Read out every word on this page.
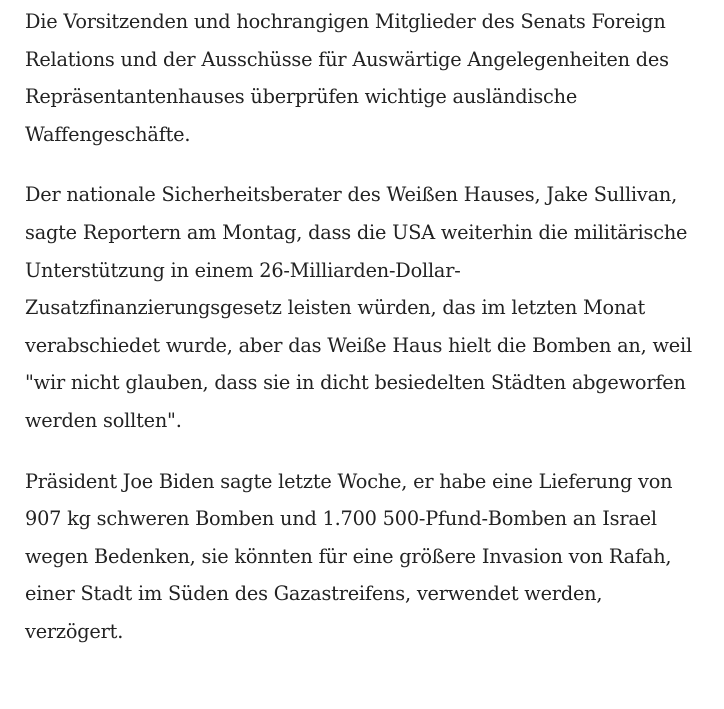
Die Vorsitzenden und hochrangigen Mitglieder des Senats Foreign
Relations und der Ausschüsse für Auswärtige Angelegenheiten des
Repräsentantenhauses überprüfen wichtige ausländische
Waffengeschäfte.

Der nationale Sicherheitsberater des Weißen Hauses, Jake Sullivan,
sagte Reportern am Montag, dass die USA weiterhin die militärische
Unterstützung in einem 26-Milliarden-Dollar-
Zusatzfinanzierungsgesetz leisten würden, das im letzten Monat
verabschiedet wurde, aber das Weiße Haus hielt die Bomben an, weil
"wir nicht glauben, dass sie in dicht besiedelten Städten abgeworfen
werden sollten".

Präsident Joe Biden sagte letzte Woche, er habe eine Lieferung von
907 kg schweren Bomben und 1.700 500-Pfund-Bomben an Israel
wegen Bedenken, sie könnten für eine größere Invasion von Rafah,
einer Stadt im Süden des Gazastreifens, verwendet werden,
verzögert.
